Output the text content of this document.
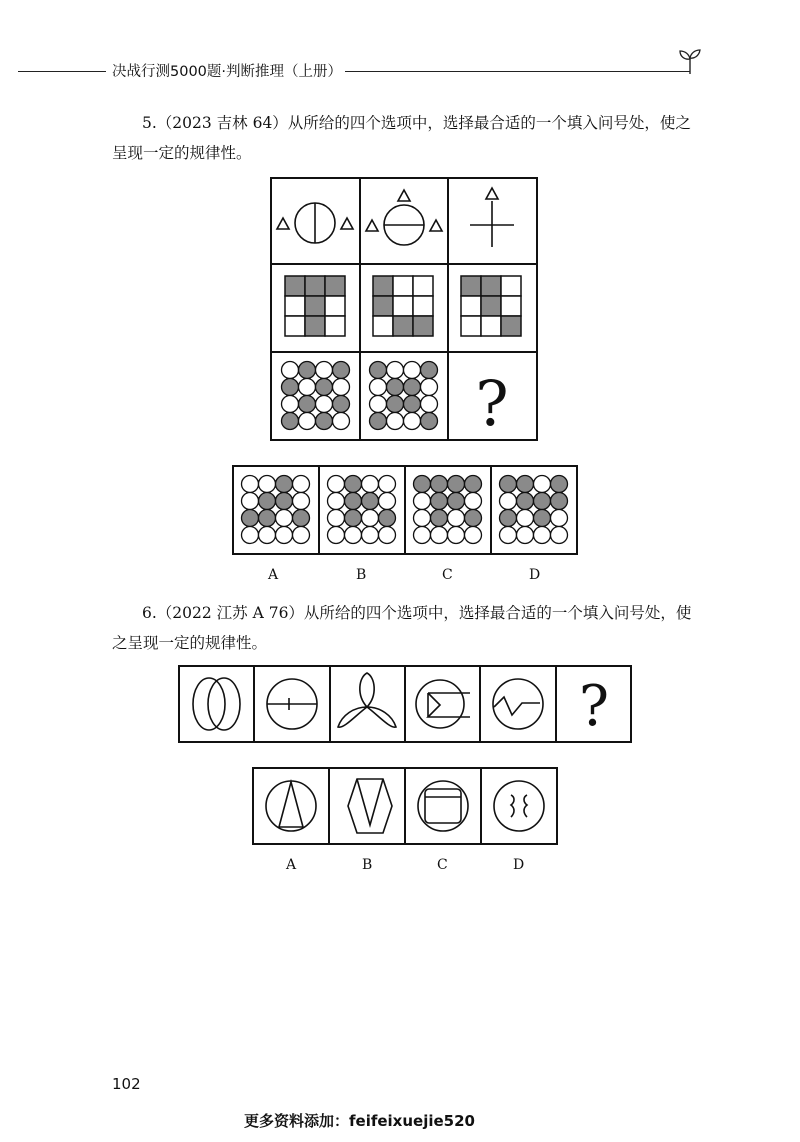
决战行测5000题·判断推理（上册）
5.（2023 吉林 64）从所给的四个选项中，选择最合适的一个填入问号处，使之
呈现一定的规律性。
?
A	B	C	D
6.（2022 江苏 A 76）从所给的四个选项中，选择最合适的一个填入问号处，使
之呈现一定的规律性。
?
A	B	C	D
102
更多资料添加：feifeixuejie520
